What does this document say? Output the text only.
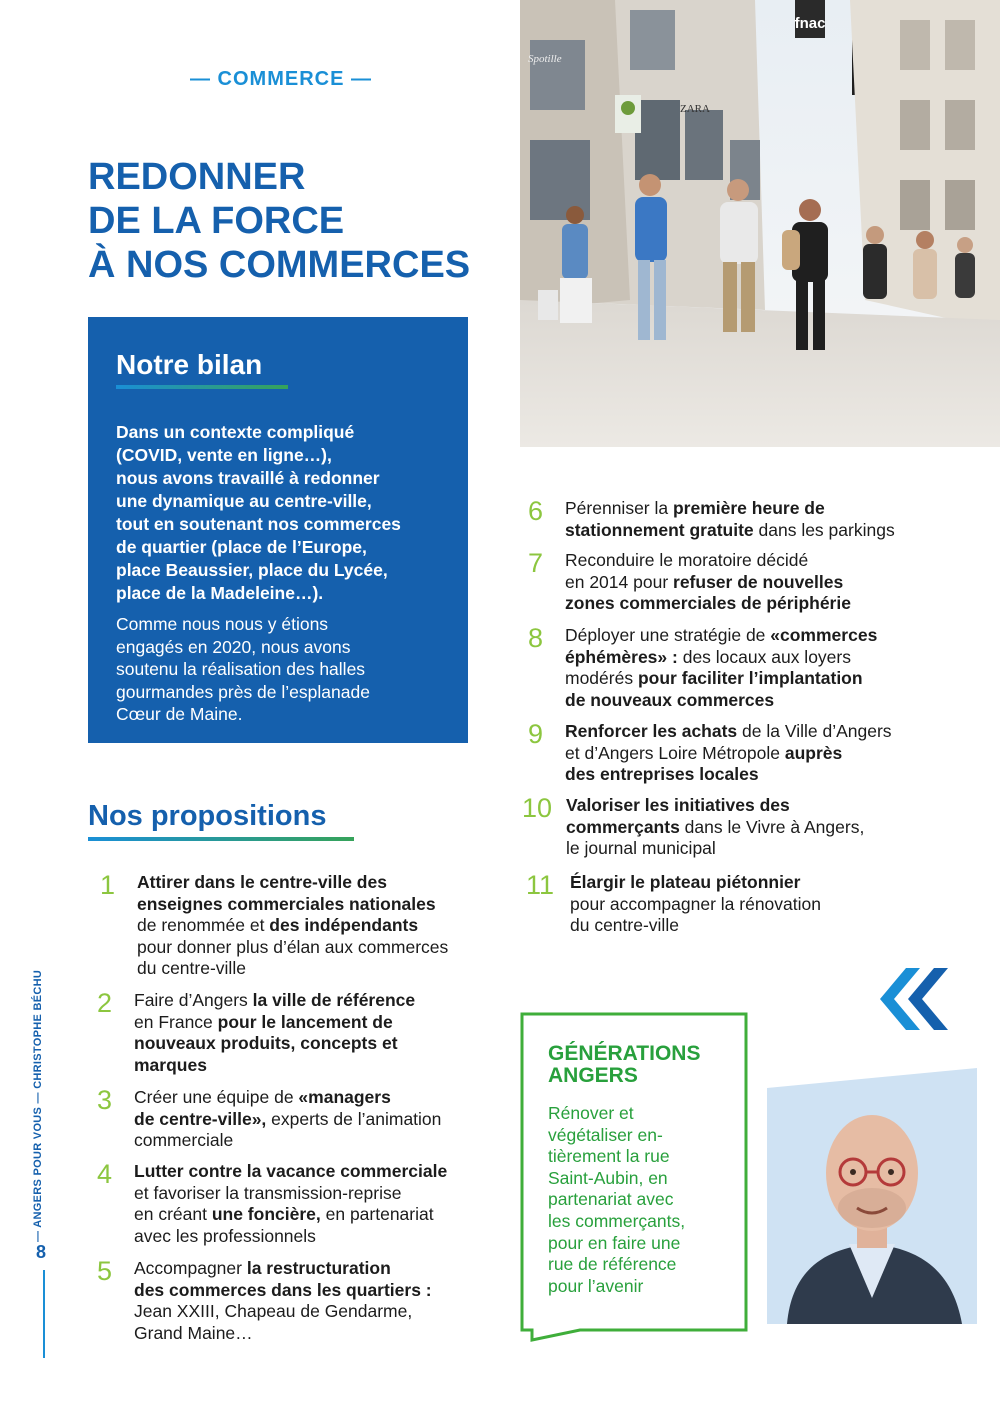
— COMMERCE —
REDONNER
DE LA FORCE
À NOS COMMERCES
Notre bilan
Dans un contexte compliqué
(COVID, vente en ligne…),
nous avons travaillé à redonner
une dynamique au centre-ville,
tout en soutenant nos commerces
de quartier (place de l’Europe,
place Beaussier, place du Lycée,
place de la Madeleine…).
Comme nous nous y étions
engagés en 2020, nous avons
soutenu la réalisation des halles
gourmandes près de l’esplanade
Cœur de Maine.
Nos propositions
1 Attirer dans le centre-ville des
enseignes commerciales nationales
de renommée et des indépendants
pour donner plus d’élan aux commerces
du centre-ville
2 Faire d’Angers la ville de référence
en France pour le lancement de
nouveaux produits, concepts et
marques
3 Créer une équipe de «managers
de centre-ville», experts de l’animation
commerciale
4 Lutter contre la vacance commerciale
et favoriser la transmission-reprise
en créant une foncière, en partenariat
avec les professionnels
5 Accompagner la restructuration
des commerces dans les quartiers :
Jean XXIII, Chapeau de Gendarme,
Grand Maine…
6 Pérenniser la première heure de
stationnement gratuite dans les parkings
7 Reconduire le moratoire décidé
en 2014 pour refuser de nouvelles
zones commerciales de périphérie
8 Déployer une stratégie de «commerces
éphémères» : des locaux aux loyers
modérés pour faciliter l’implantation
de nouveaux commerces
9 Renforcer les achats de la Ville d’Angers
et d’Angers Loire Métropole auprès
des entreprises locales
10 Valoriser les initiatives des
commerçants dans le Vivre à Angers,
le journal municipal
11 Élargir le plateau piétonnier
pour accompagner la rénovation
du centre-ville
fnac
ZARA
Spotille
— ANGERS POUR VOUS — CHRISTOPHE BÉCHU
8
GÉNÉRATIONS
ANGERS
Rénover et
végétaliser en-
tièrement la rue
Saint-Aubin, en
partenariat avec
les commerçants,
pour en faire une
rue de référence
pour l’avenir
